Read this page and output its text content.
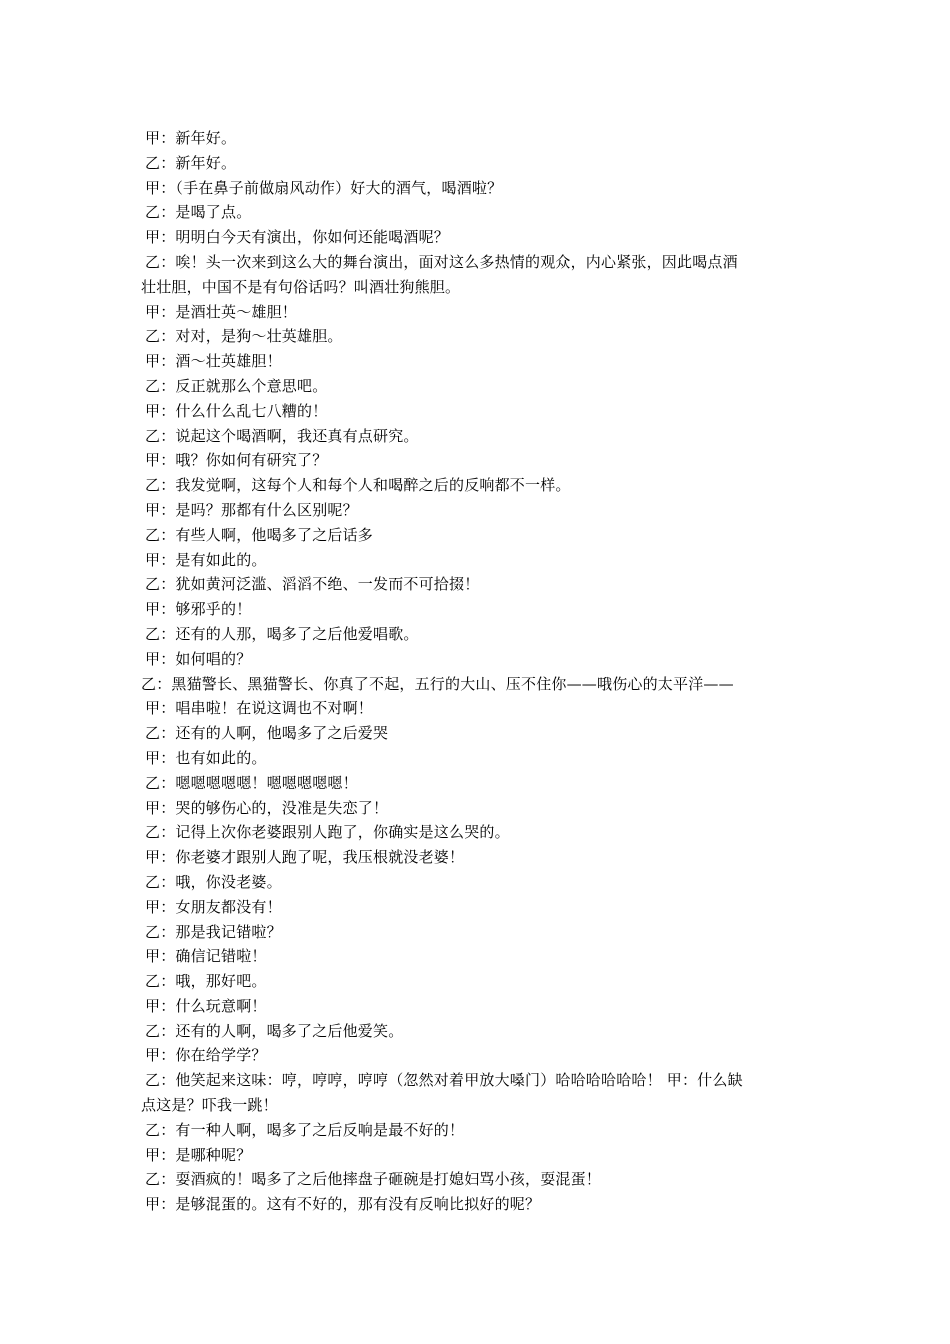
甲：新年好。
乙：新年好。
甲：（手在鼻子前做扇风动作）好大的酒气，喝酒啦？
乙：是喝了点。
甲：明明白今天有演出，你如何还能喝酒呢？
乙：唉！头一次来到这么大的舞台演出，面对这么多热情的观众，内心紧张，因此喝点酒
壮壮胆，中国不是有句俗话吗？叫酒壮狗熊胆。
甲：是酒壮英～雄胆！
乙：对对，是狗～壮英雄胆。
甲：酒～壮英雄胆！
乙：反正就那么个意思吧。
甲：什么什么乱七八糟的！
乙：说起这个喝酒啊，我还真有点研究。
甲：哦？你如何有研究了？
乙：我发觉啊，这每个人和每个人和喝醉之后的反响都不一样。
甲：是吗？那都有什么区别呢？
乙：有些人啊，他喝多了之后话多
甲：是有如此的。
乙：犹如黄河泛滥、滔滔不绝、一发而不可拾掇！
甲：够邪乎的！
乙：还有的人那，喝多了之后他爱唱歌。
甲：如何唱的？
乙：黑猫警长、黑猫警长、你真了不起，五行的大山、压不住你——哦伤心的太平洋——
甲：唱串啦！在说这调也不对啊！
乙：还有的人啊，他喝多了之后爱哭
甲：也有如此的。
乙：嗯嗯嗯嗯嗯！嗯嗯嗯嗯嗯！
甲：哭的够伤心的，没准是失恋了！
乙：记得上次你老婆跟别人跑了，你确实是这么哭的。
甲：你老婆才跟别人跑了呢，我压根就没老婆！
乙：哦，你没老婆。
甲：女朋友都没有！
乙：那是我记错啦？
甲：确信记错啦！
乙：哦，那好吧。
甲：什么玩意啊！
乙：还有的人啊，喝多了之后他爱笑。
甲：你在给学学？
乙：他笑起来这味：哼，哼哼，哼哼（忽然对着甲放大嗓门）哈哈哈哈哈哈！ 甲：什么缺
点这是？吓我一跳！
乙：有一种人啊，喝多了之后反响是最不好的！
甲：是哪种呢？
乙：耍酒疯的！喝多了之后他摔盘子砸碗是打媳妇骂小孩，耍混蛋！
甲：是够混蛋的。这有不好的，那有没有反响比拟好的呢？
